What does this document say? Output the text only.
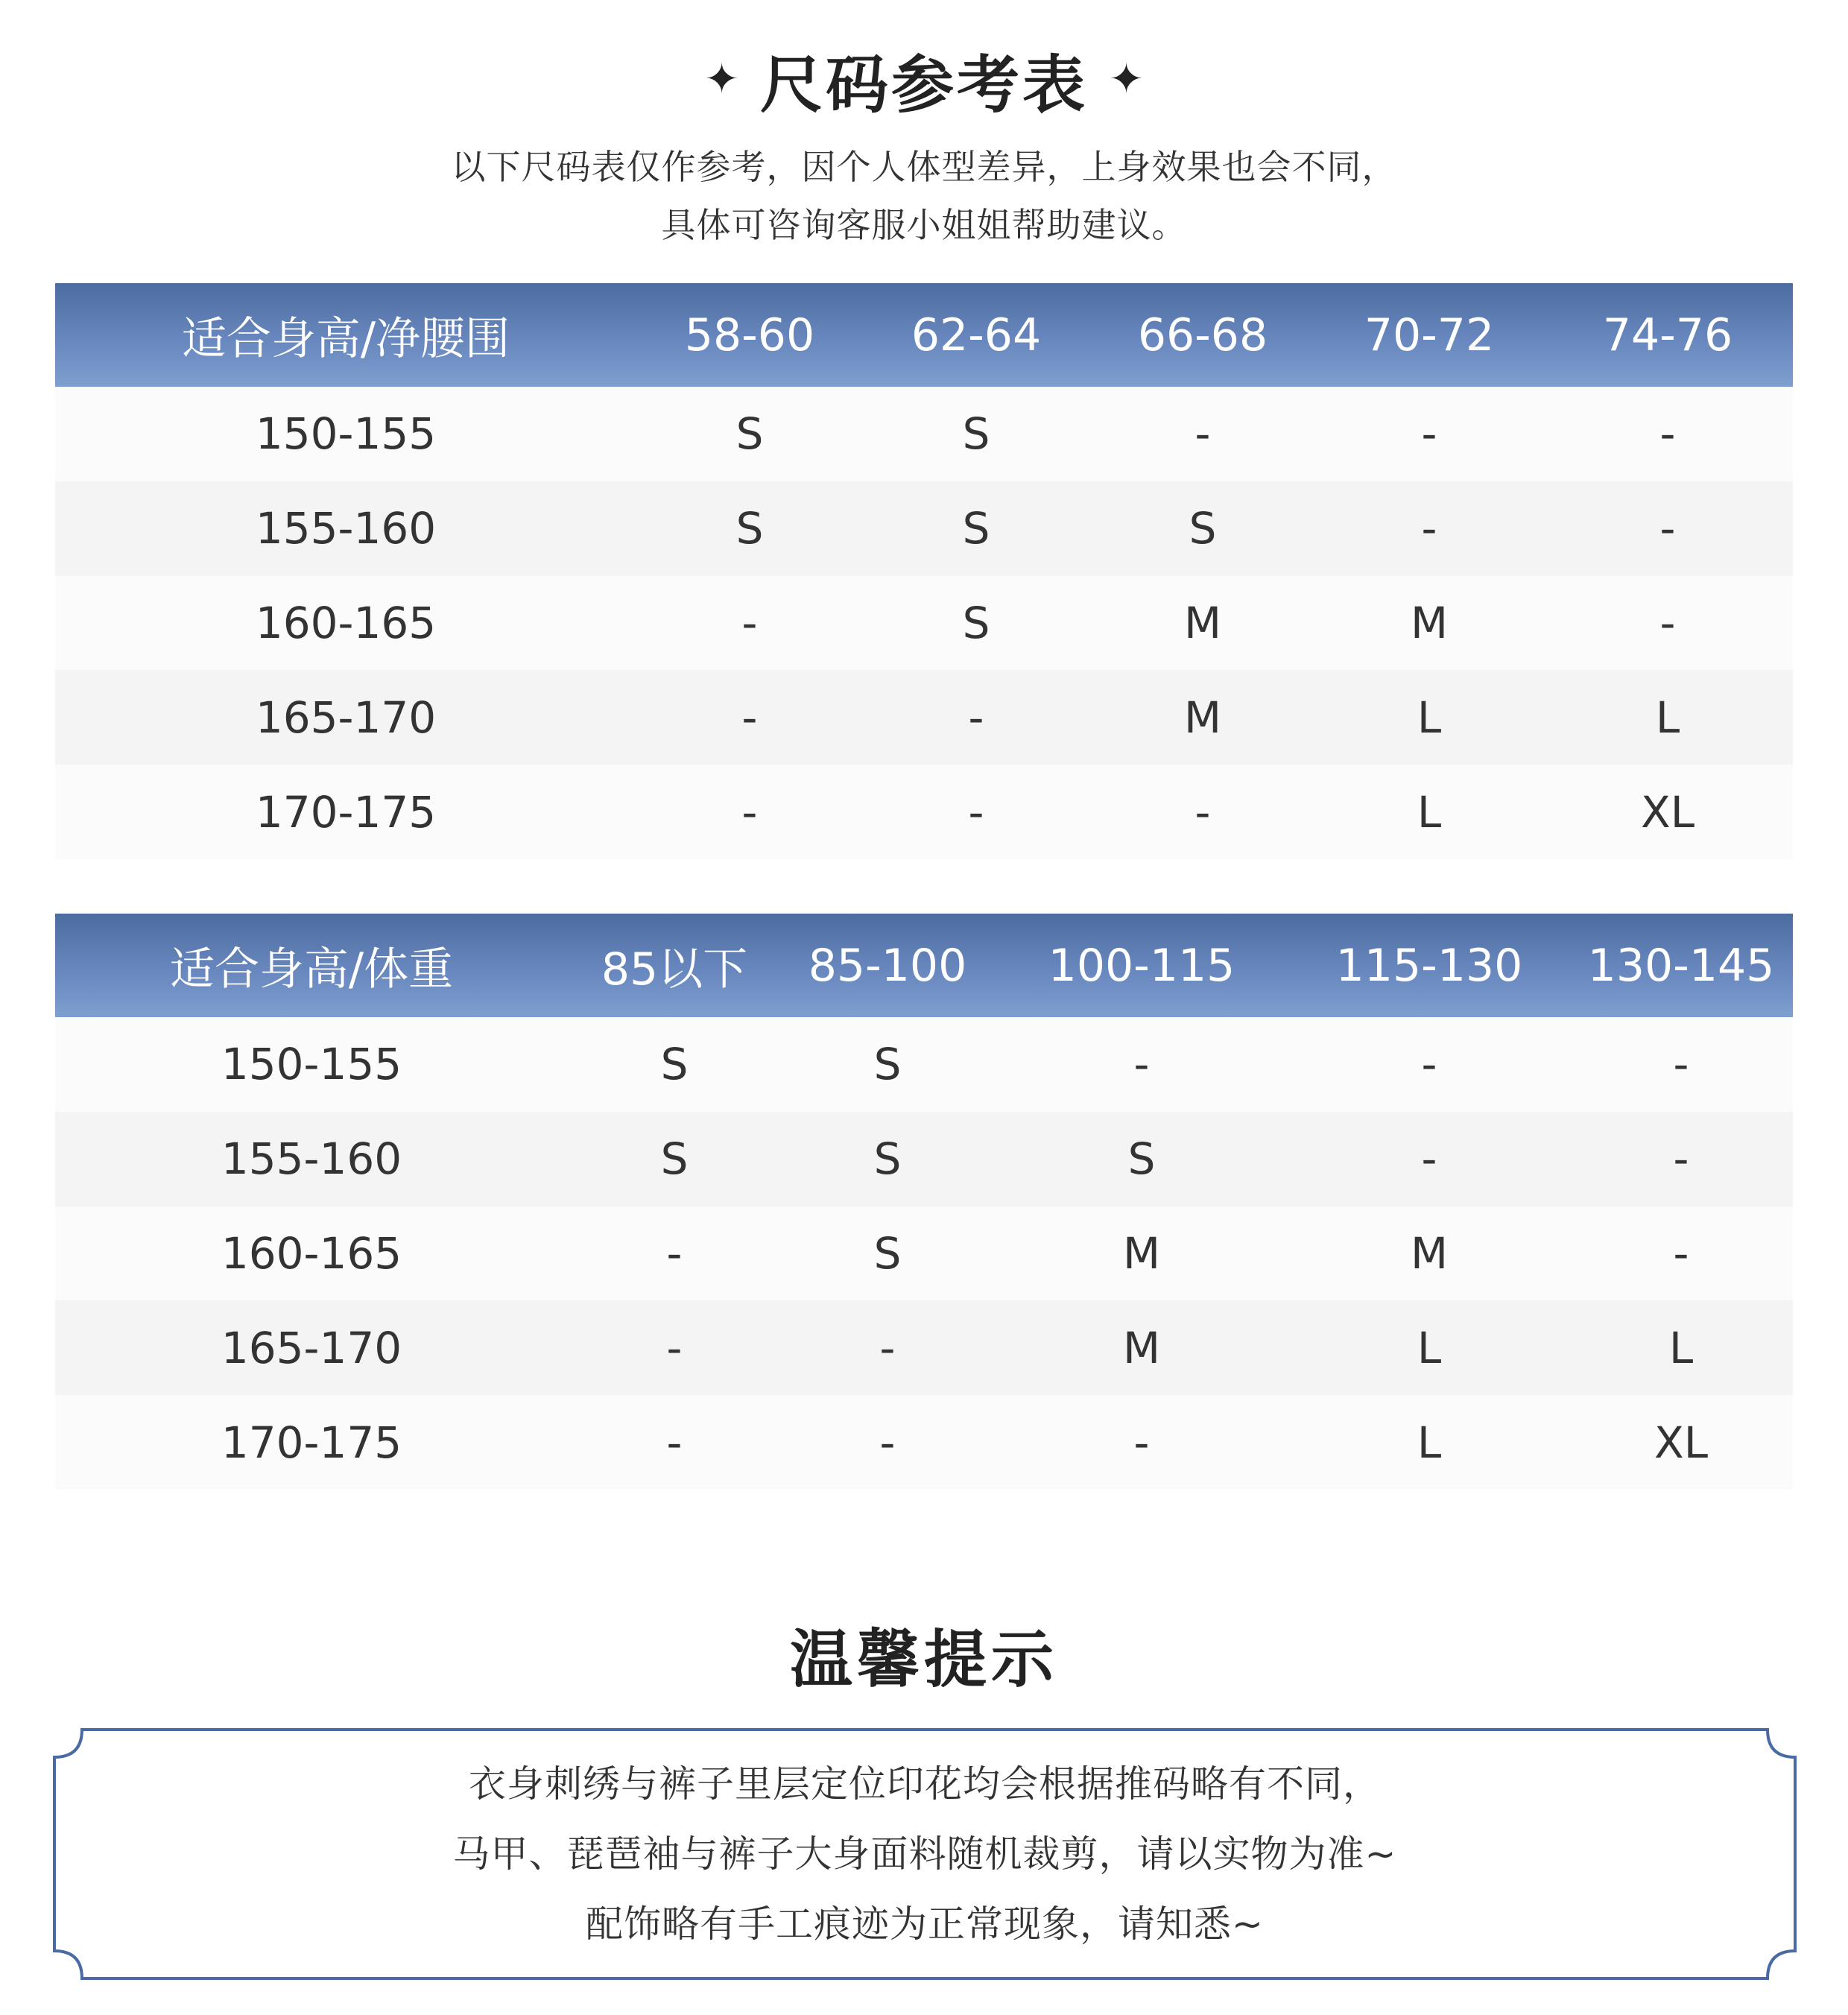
✦ 尺码参考表 ✦
以下尺码表仅作参考，因个人体型差异，上身效果也会不同，
具体可咨询客服小姐姐帮助建议。
适合身高/净腰围	58-60	62-64	66-68	70-72	74-76
150-155	S	S	-	-	-
155-160	S	S	S	-	-
160-165	-	S	M	M	-
165-170	-	-	M	L	L
170-175	-	-	-	L	XL
适合身高/体重	85以下	85-100	100-115	115-130	130-145
150-155	S	S	-	-	-
155-160	S	S	S	-	-
160-165	-	S	M	M	-
165-170	-	-	M	L	L
170-175	-	-	-	L	XL
温馨提示
衣身刺绣与裤子里层定位印花均会根据推码略有不同，
马甲、琵琶袖与裤子大身面料随机裁剪，请以实物为准~
配饰略有手工痕迹为正常现象，请知悉~
